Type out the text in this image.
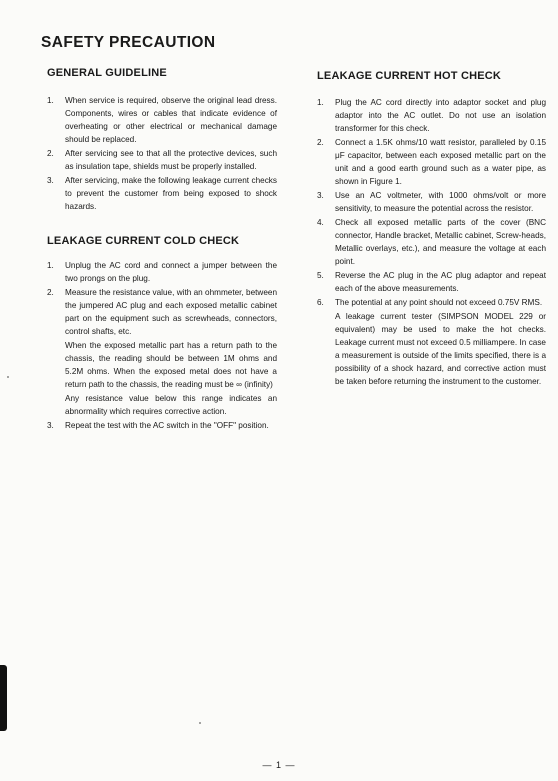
SAFETY PRECAUTION
GENERAL GUIDELINE
1. When service is required, observe the original lead dress. Components, wires or cables that indicate evidence of overheating or other electrical or mechanical damage should be replaced.

2. After servicing see to that all the protective devices, such as insulation tape, shields must be properly installed.

3. After servicing, make the following leakage current checks to prevent the customer from being exposed to shock hazards.

LEAKAGE CURRENT COLD CHECK
1. Unplug the AC cord and connect a jumper between the two prongs on the plug.

2. Measure the resistance value, with an ohmmeter, between the jumpered AC plug and each exposed metallic cabinet part on the equipment such as screwheads, connectors, control shafts, etc.

When the exposed metallic part has a return path to the chassis, the reading should be between 1M ohms and 5.2M ohms. When the exposed metal does not have a return path to the chassis, the reading must be ∞ (infinity)

Any resistance value below this range indicates an abnormality which requires corrective action.

3. Repeat the test with the AC switch in the "OFF" position.

LEAKAGE CURRENT HOT CHECK
1. Plug the AC cord directly into adaptor socket and plug adaptor into the AC outlet. Do not use an isolation transformer for this check.

2. Connect a 1.5K ohms/10 watt resistor, paralleled by 0.15 μF capacitor, between each exposed metallic part on the unit and a good earth ground such as a water pipe, as shown in Figure 1.

3. Use an AC voltmeter, with 1000 ohms/volt or more sensitivity, to measure the potential across the resistor.

4. Check all exposed metallic parts of the cover (BNC connector, Handle bracket, Metallic cabinet, Screw-heads, Metallic overlays, etc.), and measure the voltage at each point.

5. Reverse the AC plug in the AC plug adaptor and repeat each of the above measurements.

6. The potential at any point should not exceed 0.75V RMS.

A leakage current tester (SIMPSON MODEL 229 or equivalent) may be used to make the hot checks. Leakage current must not exceed 0.5 milliampere. In case a measurement is outside of the limits specified, there is a possibility of a shock hazard, and corrective action must be taken before returning the instrument to the customer.

— 1 —
